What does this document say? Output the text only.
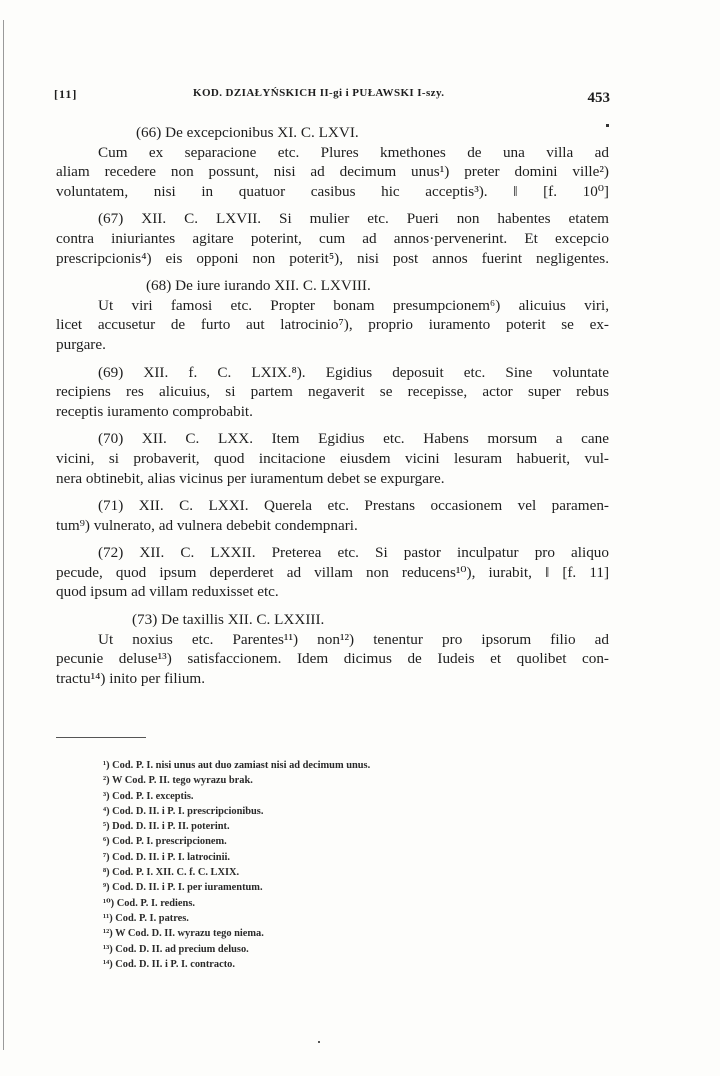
[11]	KOD. DZIAŁYŃSKICH II-gi i PUŁAWSKI I-szy.	453
(66) De excepcionibus XI. C. LXVI.
Cum ex separacione etc. Plures kmethones de una villa ad
aliam recedere non possunt, nisi ad decimum unus¹) preter domini ville²)
voluntatem, nisi in quatuor casibus hic acceptis³). ‖ [f. 10⁰]
(67) XII. C. LXVII. Si mulier etc. Pueri non habentes etatem
contra iniuriantes agitare poterint, cum ad annos·pervenerint. Et excepcio
prescripcionis⁴) eis opponi non poterit⁵), nisi post annos fuerint negligentes.
(68) De iure iurando XII. C. LXVIII.
Ut viri famosi etc. Propter bonam presumpcionem⁶) alicuius viri,
licet accusetur de furto aut latrocinio⁷), proprio iuramento poterit se ex-
purgare.
(69) XII. f. C. LXIX.⁸). Egidius deposuit etc. Sine voluntate
recipiens res alicuius, si partem negaverit se recepisse, actor super rebus
receptis iuramento comprobabit.
(70) XII. C. LXX. Item Egidius etc. Habens morsum a cane
vicini, si probaverit, quod incitacione eiusdem vicini lesuram habuerit, vul-
nera obtinebit, alias vicinus per iuramentum debet se expurgare.
(71) XII. C. LXXI. Querela etc. Prestans occasionem vel paramen-
tum⁹) vulnerato, ad vulnera debebit condempnari.
(72) XII. C. LXXII. Preterea etc. Si pastor inculpatur pro aliquo
pecude, quod ipsum deperderet ad villam non reducens¹⁰), iurabit, ‖ [f. 11]
quod ipsum ad villam reduxisset etc.
(73) De taxillis XII. C. LXXIII.
Ut noxius etc. Parentes¹¹) non¹²) tenentur pro ipsorum filio ad
pecunie deluse¹³) satisfaccionem. Idem dicimus de Iudeis et quolibet con-
tractu¹⁴) inito per filium.
¹) Cod. P. I. nisi unus aut duo zamiast nisi ad decimum unus.
²) W Cod. P. II. tego wyrazu brak.
³) Cod. P. I. exceptis.
⁴) Cod. D. II. i P. I. prescripcionibus.
⁵) Dod. D. II. i P. II. poterint.
⁶) Cod. P. I. prescripcionem.
⁷) Cod. D. II. i P. I. latrocinii.
⁸) Cod. P. I. XII. C. f. C. LXIX.
⁹) Cod. D. II. i P. I. per iuramentum.
¹⁰) Cod. P. I. rediens.
¹¹) Cod. P. I. patres.
¹²) W Cod. D. II. wyrazu tego niema.
¹³) Cod. D. II. ad precium deluso.
¹⁴) Cod. D. II. i P. I. contracto.
